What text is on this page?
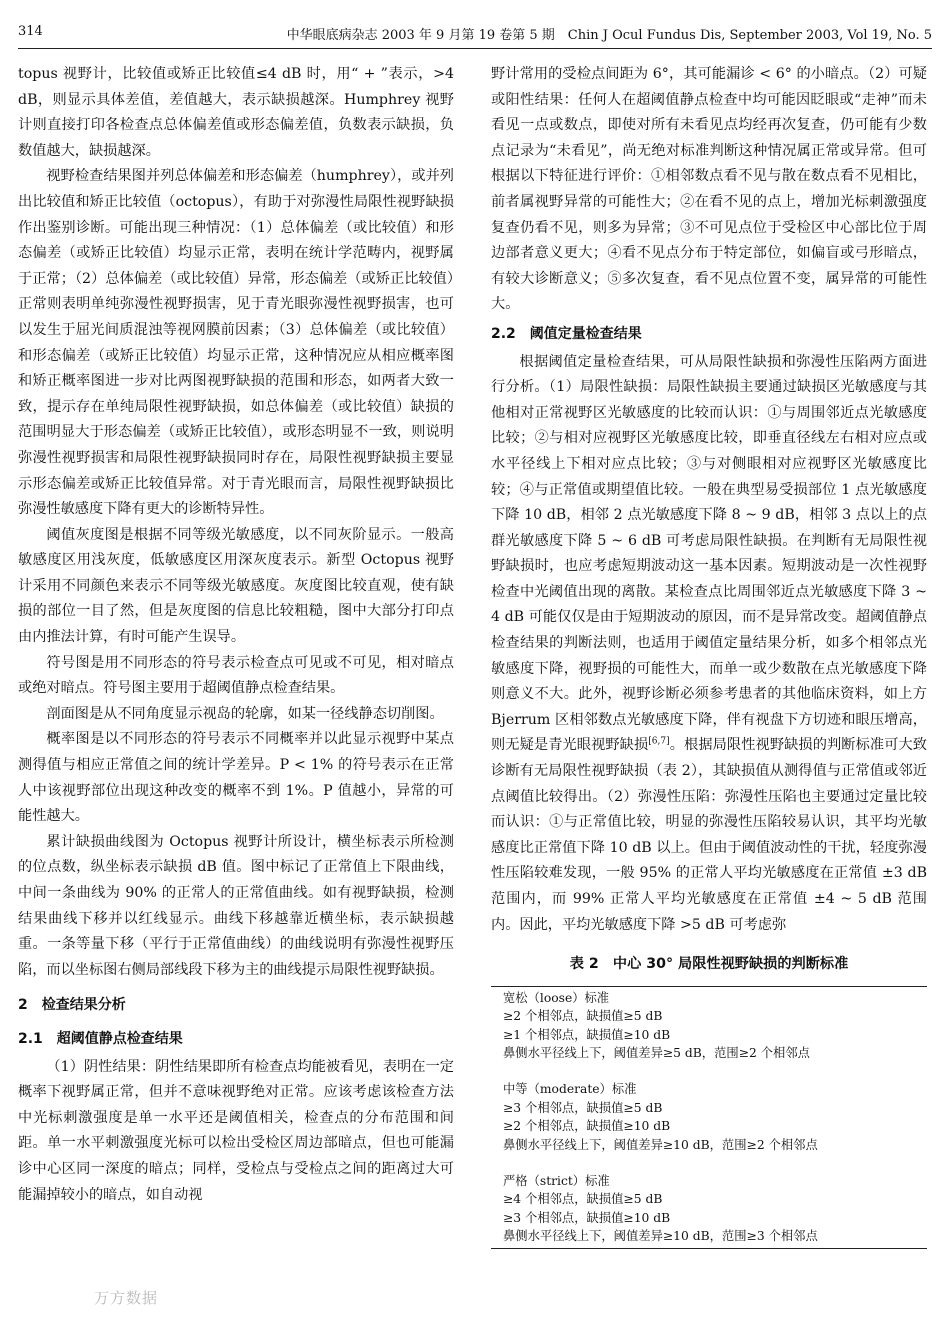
314	中华眼底病杂志 2003 年 9 月第 19 卷第 5 期　Chin J Ocul Fundus Dis, September 2003, Vol 19, No. 5

topus 视野计，比较值或矫正比较值≤4 dB 时，用“ + ”表示，>4 dB，则显示具体差值，差值越大，表示缺损越深。Humphrey 视野计则直接打印各检查点总体偏差值或形态偏差值，负数表示缺损，负数值越大，缺损越深。

视野检查结果图并列总体偏差和形态偏差（humphrey），或并列出比较值和矫正比较值（octopus），有助于对弥漫性局限性视野缺损作出鉴别诊断。可能出现三种情况：（1）总体偏差（或比较值）和形态偏差（或矫正比较值）均显示正常，表明在统计学范畴内，视野属于正常；（2）总体偏差（或比较值）异常，形态偏差（或矫正比较值）正常则表明单纯弥漫性视野损害，见于青光眼弥漫性视野损害，也可以发生于屈光间质混浊等视网膜前因素；（3）总体偏差（或比较值）和形态偏差（或矫正比较值）均显示正常，这种情况应从相应概率图和矫正概率图进一步对比两图视野缺损的范围和形态，如两者大致一致，提示存在单纯局限性视野缺损，如总体偏差（或比较值）缺损的范围明显大于形态偏差（或矫正比较值），或形态明显不一致，则说明弥漫性视野损害和局限性视野缺损同时存在，局限性视野缺损主要显示形态偏差或矫正比较值异常。对于青光眼而言，局限性视野缺损比弥漫性敏感度下降有更大的诊断特异性。

阈值灰度图是根据不同等级光敏感度，以不同灰阶显示。一般高敏感度区用浅灰度，低敏感度区用深灰度表示。新型 Octopus 视野计采用不同颜色来表示不同等级光敏感度。灰度图比较直观，使有缺损的部位一目了然，但是灰度图的信息比较粗糙，图中大部分打印点由内推法计算，有时可能产生误导。

符号图是用不同形态的符号表示检查点可见或不可见，相对暗点或绝对暗点。符号图主要用于超阈值静点检查结果。

剖面图是从不同角度显示视岛的轮廓，如某一径线静态切削图。

概率图是以不同形态的符号表示不同概率并以此显示视野中某点测得值与相应正常值之间的统计学差异。P < 1% 的符号表示在正常人中该视野部位出现这种改变的概率不到 1%。P 值越小，异常的可能性越大。

累计缺损曲线图为 Octopus 视野计所设计，横坐标表示所检测的位点数，纵坐标表示缺损 dB 值。图中标记了正常值上下限曲线，中间一条曲线为 90% 的正常人的正常值曲线。如有视野缺损，检测结果曲线下移并以红线显示。曲线下移越靠近横坐标，表示缺损越重。一条等量下移（平行于正常值曲线）的曲线说明有弥漫性视野压陷，而以坐标图右侧局部线段下移为主的曲线提示局限性视野缺损。

2　检查结果分析
2.1　超阈值静点检查结果

（1）阴性结果：阴性结果即所有检查点均能被看见，表明在一定概率下视野属正常，但并不意味视野绝对正常。应该考虑该检查方法中光标刺激强度是单一水平还是阈值相关，检查点的分布范围和间距。单一水平刺激强度光标可以检出受检区周边部暗点，但也可能漏诊中心区同一深度的暗点；同样，受检点与受检点之间的距离过大可能漏掉较小的暗点，如自动视

野计常用的受检点间距为 6°，其可能漏诊 < 6° 的小暗点。（2）可疑或阳性结果：任何人在超阈值静点检查中均可能因眨眼或“走神”而未看见一点或数点，即使对所有未看见点均经再次复查，仍可能有少数点记录为“未看见”，尚无绝对标准判断这种情况属正常或异常。但可根据以下特征进行评价：①相邻数点看不见与散在数点看不见相比，前者属视野异常的可能性大；②在看不见的点上，增加光标刺激强度复查仍看不见，则多为异常；③不可见点位于受检区中心部比位于周边部者意义更大；④看不见点分布于特定部位，如偏盲或弓形暗点，有较大诊断意义；⑤多次复查，看不见点位置不变，属异常的可能性大。

2.2　阈值定量检查结果

根据阈值定量检查结果，可从局限性缺损和弥漫性压陷两方面进行分析。（1）局限性缺损：局限性缺损主要通过缺损区光敏感度与其他相对正常视野区光敏感度的比较而认识：①与周围邻近点光敏感度比较；②与相对应视野区光敏感度比较，即垂直径线左右相对应点或水平径线上下相对应点比较；③与对侧眼相对应视野区光敏感度比较；④与正常值或期望值比较。一般在典型易受损部位 1 点光敏感度下降 10 dB，相邻 2 点光敏感度下降 8 ~ 9 dB，相邻 3 点以上的点群光敏感度下降 5 ~ 6 dB 可考虑局限性缺损。在判断有无局限性视野缺损时，也应考虑短期波动这一基本因素。短期波动是一次性视野检查中光阈值出现的离散。某检查点比周围邻近点光敏感度下降 3 ~ 4 dB 可能仅仅是由于短期波动的原因，而不是异常改变。超阈值静点检查结果的判断法则，也适用于阈值定量结果分析，如多个相邻点光敏感度下降，视野损的可能性大，而单一或少数散在点光敏感度下降则意义不大。此外，视野诊断必须参考患者的其他临床资料，如上方 Bjerrum 区相邻数点光敏感度下降，伴有视盘下方切迹和眼压增高，则无疑是青光眼视野缺损[6,7]。根据局限性视野缺损的判断标准可大致诊断有无局限性视野缺损（表 2），其缺损值从测得值与正常值或邻近点阈值比较得出。（2）弥漫性压陷：弥漫性压陷也主要通过定量比较而认识：①与正常值比较，明显的弥漫性压陷较易认识，其平均光敏感度比正常值下降 10 dB 以上。但由于阈值波动性的干扰，轻度弥漫性压陷较难发现，一般 95% 的正常人平均光敏感度在正常值 ±3 dB 范围内，而 99% 正常人平均光敏感度在正常值 ±4 ~ 5 dB 范围内。因此，平均光敏感度下降 >5 dB 可考虑弥

表 2　中心 30° 局限性视野缺损的判断标准
宽松（loose）标准
≥2 个相邻点，缺损值≥5 dB
≥1 个相邻点，缺损值≥10 dB
鼻侧水平径线上下，阈值差异≥5 dB，范围≥2 个相邻点
中等（moderate）标准
≥3 个相邻点，缺损值≥5 dB
≥2 个相邻点，缺损值≥10 dB
鼻侧水平径线上下，阈值差异≥10 dB，范围≥2 个相邻点
严格（strict）标准
≥4 个相邻点，缺损值≥5 dB
≥3 个相邻点，缺损值≥10 dB
鼻侧水平径线上下，阈值差异≥10 dB，范围≥3 个相邻点
万方数据
